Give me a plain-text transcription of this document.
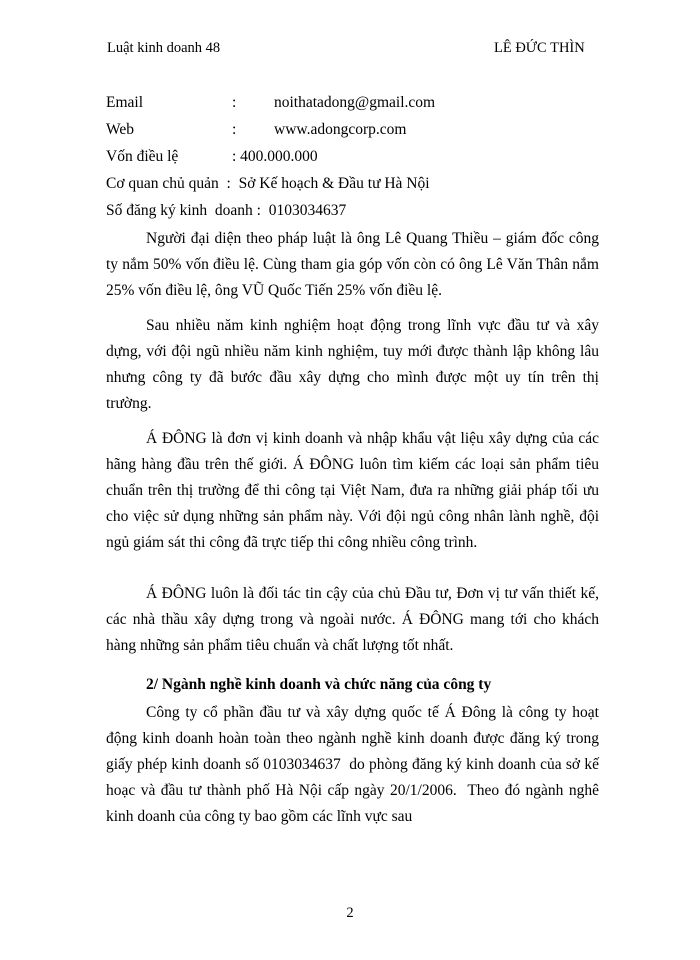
Luật kinh doanh 48	LÊ ĐỨC THÌN
Email	: noithatadong@gmail.com
Web	: www.adongcorp.com
Vốn điều lệ	: 400.000.000
Cơ quan chủ quản  :  Sở Kế hoạch & Đầu tư Hà Nội
Số đăng ký kinh  doanh :  0103034637

Người đại diện theo pháp luật là ông Lê Quang Thiều – giám đốc công ty nắm 50% vốn điều lệ. Cùng tham gia góp vốn còn có ông Lê Văn Thân nắm 25% vốn điều lệ, ông VŨ Quốc Tiến 25% vốn điều lệ.

Sau nhiều năm kinh nghiệm hoạt động trong lĩnh vực đầu tư và xây dựng, với đội ngũ nhiều năm kinh nghiệm, tuy mới được thành lập không lâu nhưng công ty đã bước đầu xây dựng cho mình được một uy tín trên thị trường.

Á ĐÔNG là đơn vị kinh doanh và nhập khẩu vật liệu xây dựng của các hãng hàng đầu trên thế giới. Á ĐÔNG luôn tìm kiếm các loại sản phẩm tiêu chuẩn trên thị trường để thi công tại Việt Nam, đưa ra những giải pháp tối ưu cho việc sử dụng những sản phẩm này. Với đội ngủ công nhân lành nghề, đội ngủ giám sát thi công đã trực tiếp thi công nhiều công trình.

Á ĐÔNG luôn là đối tác tin cậy của chủ Đầu tư, Đơn vị tư vấn thiết kế, các nhà thầu xây dựng trong và ngoài nước. Á ĐÔNG mang tới cho khách hàng những sản phẩm tiêu chuẩn và chất lượng tốt nhất.

2/ Ngành nghề kinh doanh và chức năng của công ty

Công ty cổ phần đầu tư và xây dựng quốc tế Á Đông là công ty hoạt động kinh doanh hoàn toàn theo ngành nghề kinh doanh được đăng ký trong giấy phép kinh doanh số 0103034637  do phòng đăng ký kinh doanh của sở kế hoạc và đầu tư thành phố Hà Nội cấp ngày 20/1/2006.  Theo đó ngành nghê kinh doanh của công ty bao gồm các lĩnh vực sau

2
